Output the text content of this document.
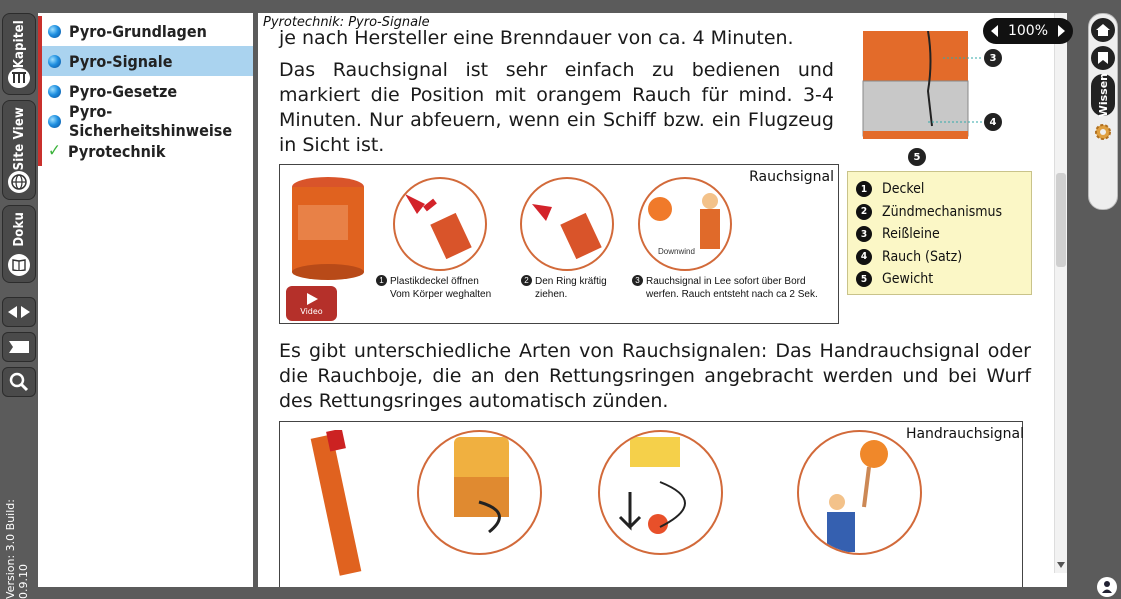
Kapitel
Site View
Doku
Version: 3.0 Build: 0.9.10
Pyro-Grundlagen
Pyro-Signale
Pyro-Gesetze
Pyro-Sicherheitshinweise
✓ Pyrotechnik
Pyrotechnik: Pyro-Signale
je nach Hersteller eine Brenndauer von ca. 4 Minuten.
Das Rauchsignal ist sehr einfach zu bedienen und markiert die Position mit orangem Rauch für mind. 3-4 Minuten. Nur abfeuern, wenn ein Schiff bzw. ein Flugzeug in Sicht ist.
3
4
5
Rauchsignal
Video
Downwind
1 Plastikdeckel öffnen
Vom Körper weghalten
2 Den Ring kräftig
ziehen.
3 Rauchsignal in Lee sofort über Bord
werfen. Rauch entsteht nach ca 2 Sek.
1	Deckel
2	Zündmechanismus
3	Reißleine
4	Rauch (Satz)
5	Gewicht
Es gibt unterschiedliche Arten von Rauchsignalen: Das Handrauchsignal oder die Rauchboje, die an den Rettungsringen angebracht werden und bei Wurf des Rettungsringes automatisch zünden.
Handrauchsignal
100%
Wissen
